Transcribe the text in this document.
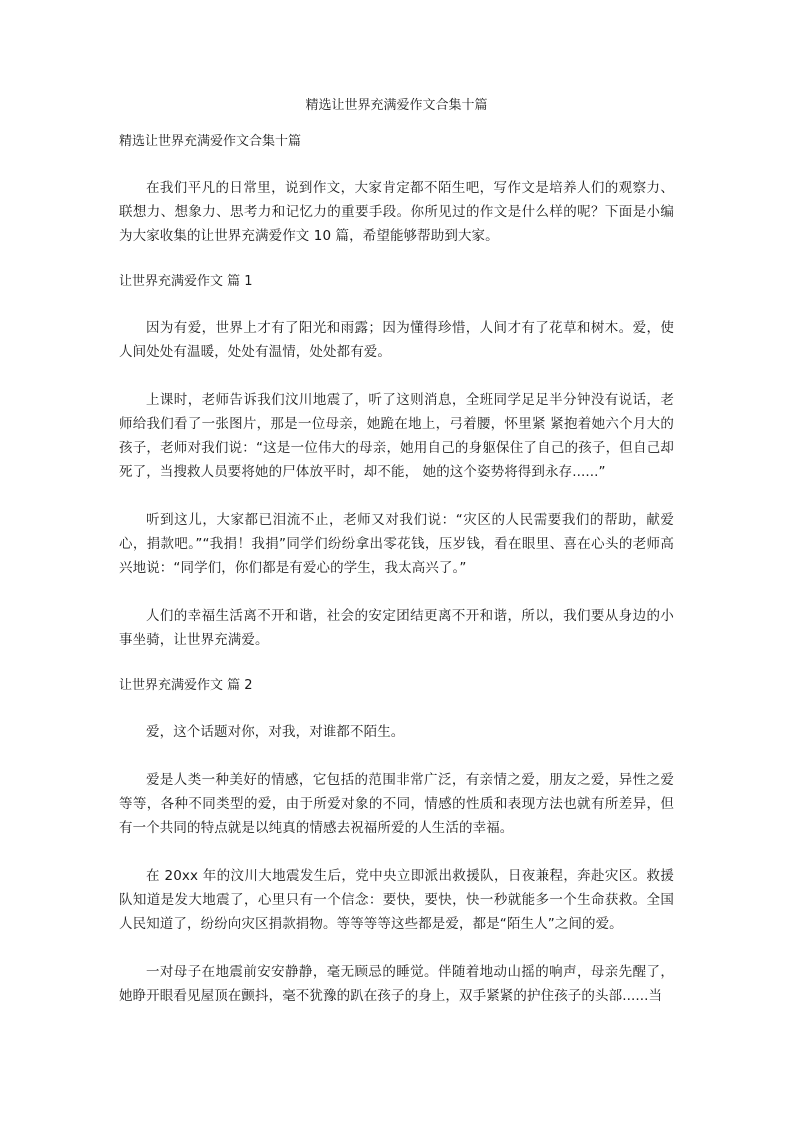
精选让世界充满爱作文合集十篇

精选让世界充满爱作文合集十篇

在我们平凡的日常里，说到作文，大家肯定都不陌生吧，写作文是培养人们的观察力、联想力、想象力、思考力和记忆力的重要手段。你所见过的作文是什么样的呢？下面是小编为大家收集的让世界充满爱作文 10 篇，希望能够帮助到大家。

让世界充满爱作文 篇 1

因为有爱，世界上才有了阳光和雨露；因为懂得珍惜，人间才有了花草和树木。爱，使人间处处有温暖，处处有温情，处处都有爱。

上课时，老师告诉我们汶川地震了，听了这则消息，全班同学足足半分钟没有说话，老师给我们看了一张图片，那是一位母亲，她跪在地上，弓着腰，怀里紧 紧抱着她六个月大的孩子，老师对我们说：“这是一位伟大的母亲，她用自己的身躯保住了自己的孩子，但自己却死了，当搜救人员要将她的尸体放平时，却不能， 她的这个姿势将得到永存......”

听到这儿，大家都已泪流不止，老师又对我们说：“灾区的人民需要我们的帮助，献爱心，捐款吧。”“我捐！我捐”同学们纷纷拿出零花钱，压岁钱，看在眼里、喜在心头的老师高兴地说：“同学们，你们都是有爱心的学生，我太高兴了。”

人们的幸福生活离不开和谐，社会的安定团结更离不开和谐，所以，我们要从身边的小事坐骑，让世界充满爱。

让世界充满爱作文 篇 2

爱，这个话题对你，对我，对谁都不陌生。

爱是人类一种美好的情感，它包括的范围非常广泛，有亲情之爱，朋友之爱，异性之爱等等，各种不同类型的爱，由于所爱对象的不同，情感的性质和表现方法也就有所差异，但有一个共同的特点就是以纯真的情感去祝福所爱的人生活的幸福。

在 20xx 年的汶川大地震发生后，党中央立即派出救援队，日夜兼程，奔赴灾区。救援队知道是发大地震了，心里只有一个信念：要快，要快，快一秒就能多一个生命获救。全国人民知道了，纷纷向灾区捐款捐物。等等等等这些都是爱，都是“陌生人”之间的爱。

一对母子在地震前安安静静，毫无顾忌的睡觉。伴随着地动山摇的响声，母亲先醒了，她睁开眼看见屋顶在颤抖，毫不犹豫的趴在孩子的身上，双手紧紧的护住孩子的头部......当
